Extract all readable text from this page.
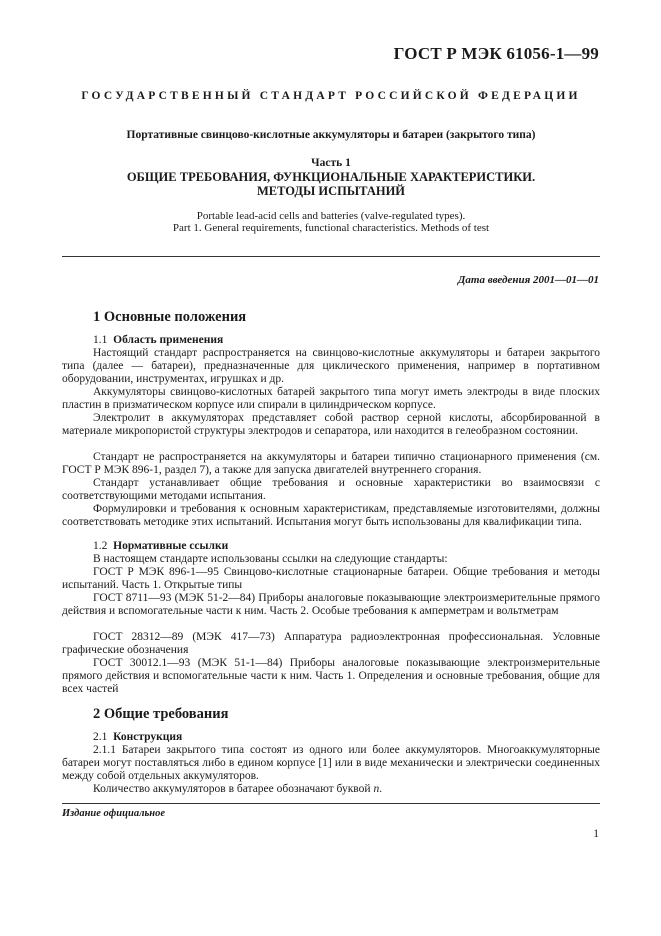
ГОСТ Р МЭК 61056-1—99
ГОСУДАРСТВЕННЫЙ СТАНДАРТ РОССИЙСКОЙ ФЕДЕРАЦИИ
Портативные свинцово-кислотные аккумуляторы и батареи (закрытого типа)
Часть 1
ОБЩИЕ ТРЕБОВАНИЯ, ФУНКЦИОНАЛЬНЫЕ ХАРАКТЕРИСТИКИ.
МЕТОДЫ ИСПЫТАНИЙ
Portable lead-acid cells and batteries (valve-regulated types).
Part 1. General requirements, functional characteristics. Methods of test
Дата введения 2001—01—01
1 Основные положения
1.1 Область применения
Настоящий стандарт распространяется на свинцово-кислотные аккумуляторы и батареи закрытого типа (далее — батареи), предназначенные для циклического применения, например в портативном оборудовании, инструментах, игрушках и др.
Аккумуляторы свинцово-кислотных батарей закрытого типа могут иметь электроды в виде плоских пластин в призматическом корпусе или спирали в цилиндрическом корпусе.
Электролит в аккумуляторах представляет собой раствор серной кислоты, абсорбированной в материале микропористой структуры электродов и сепаратора, или находится в гелеобразном состоянии.
Стандарт не распространяется на аккумуляторы и батареи типично стационарного применения (см. ГОСТ Р МЭК 896-1, раздел 7), а также для запуска двигателей внутреннего сгорания.
Стандарт устанавливает общие требования и основные характеристики во взаимосвязи с соответствующими методами испытания.
Формулировки и требования к основным характеристикам, представляемые изготовителями, должны соответствовать методике этих испытаний. Испытания могут быть использованы для квалификации типа.
1.2 Нормативные ссылки
В настоящем стандарте использованы ссылки на следующие стандарты:
ГОСТ Р МЭК 896-1—95 Свинцово-кислотные стационарные батареи. Общие требования и методы испытаний. Часть 1. Открытые типы
ГОСТ 8711—93 (МЭК 51-2—84) Приборы аналоговые показывающие электроизмерительные прямого действия и вспомогательные части к ним. Часть 2. Особые требования к амперметрам и вольтметрам
ГОСТ 28312—89 (МЭК 417—73) Аппаратура радиоэлектронная профессиональная. Условные графические обозначения
ГОСТ 30012.1—93 (МЭК 51-1—84) Приборы аналоговые показывающие электроизмерительные прямого действия и вспомогательные части к ним. Часть 1. Определения и основные требования, общие для всех частей
2 Общие требования
2.1 Конструкция
2.1.1 Батареи закрытого типа состоят из одного или более аккумуляторов. Многоаккумуляторные батареи могут поставляться либо в едином корпусе [1] или в виде механически и электрически соединенных между собой отдельных аккумуляторов.
Количество аккумуляторов в батарее обозначают буквой n.
Издание официальное
1
